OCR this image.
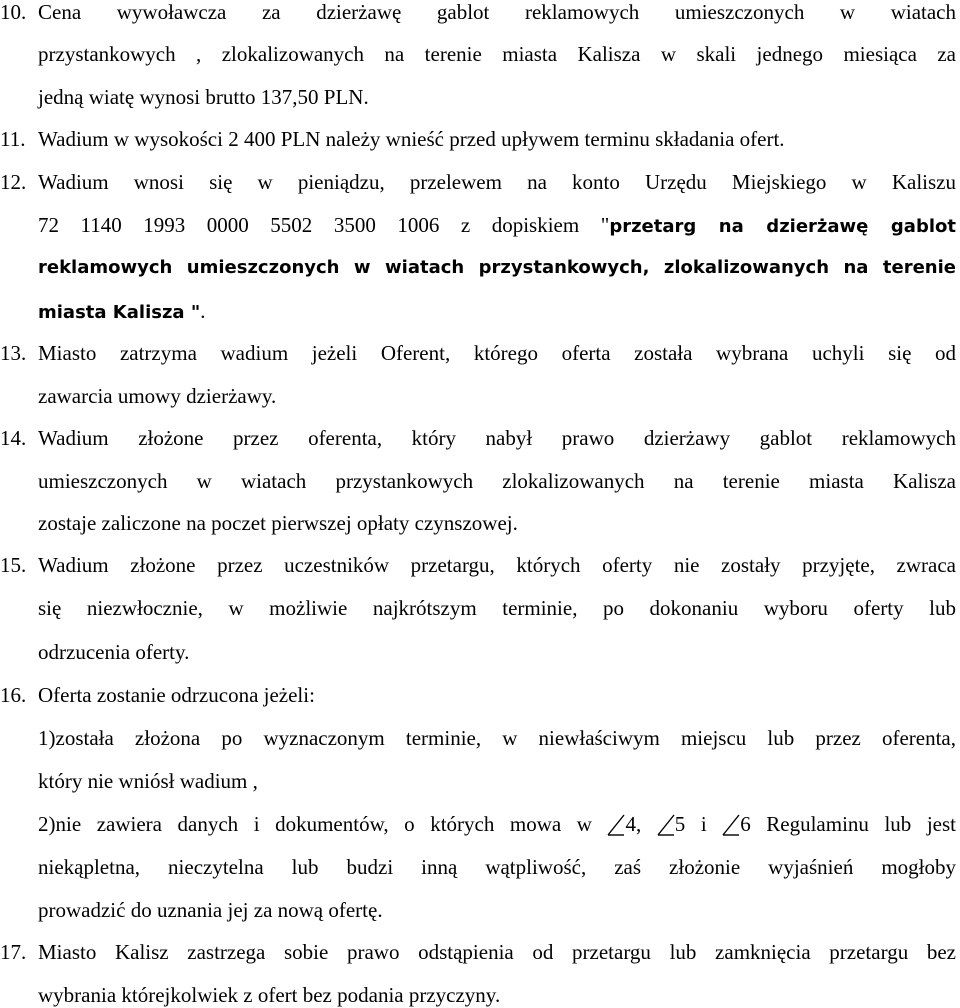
10. Cena wywoławcza za dzierżawę gablot reklamowych umieszczonych w wiatach
przystankowych , zlokalizowanych na terenie miasta Kalisza w skali jednego miesiąca za
jedną wiatę wynosi brutto 137,50 PLN.
11. Wadium w wysokości 2 400 PLN należy wnieść przed upływem terminu składania ofert.
12. Wadium wnosi się w pieniądzu, przelewem na konto Urzędu Miejskiego w Kaliszu
72 1140 1993 0000 5502 3500 1006 z dopiskiem "przetarg na dzierżawę gablot
reklamowych umieszczonych w wiatach przystankowych, zlokalizowanych na terenie
miasta Kalisza ".
13. Miasto zatrzyma wadium jeżeli Oferent, którego oferta została wybrana uchyli się od
zawarcia umowy dzierżawy.
14. Wadium złożone przez oferenta, który nabył prawo dzierżawy gablot reklamowych
umieszczonych w wiatach przystankowych zlokalizowanych na terenie miasta Kalisza
zostaje zaliczone na poczet pierwszej opłaty czynszowej.
15. Wadium złożone przez uczestników przetargu, których oferty nie zostały przyjęte, zwraca
się niezwłocznie, w możliwie najkrótszym terminie, po dokonaniu wyboru oferty lub
odrzucenia oferty.
16. Oferta zostanie odrzucona jeżeli:
1)została złożona po wyznaczonym terminie, w niewłaściwym miejscu lub przez oferenta,
który nie wniósł wadium ,
2)nie zawiera danych i dokumentów, o których mowa w 4, 5 i 6 Regulaminu lub jest
niekąpletna, nieczytelna lub budzi inną wątpliwość, zaś złożonie wyjaśnień mogłoby
prowadzić do uznania jej za nową ofertę.
17. Miasto Kalisz zastrzega sobie prawo odstąpienia od przetargu lub zamknięcia przetargu bez
wybrania którejkolwiek z ofert bez podania przyczyny.
